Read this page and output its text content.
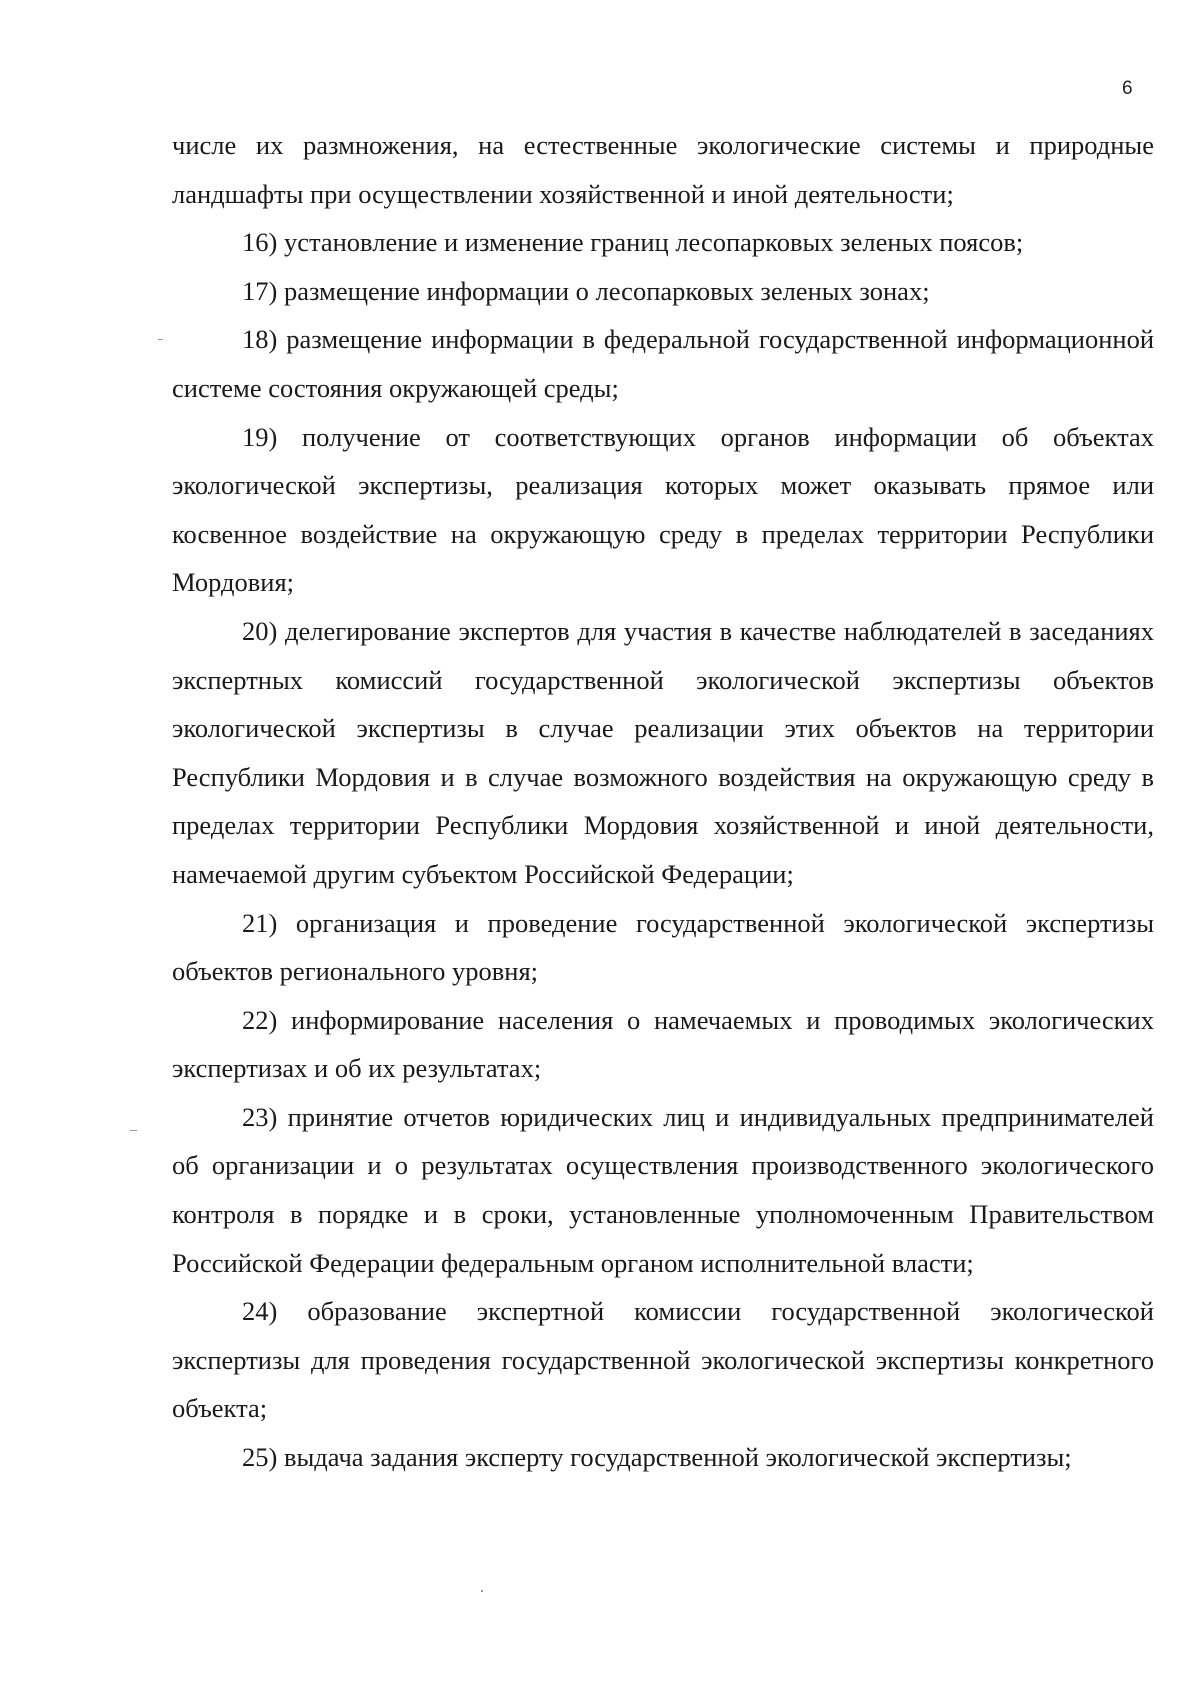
6

числе их размножения, на естественные экологические системы и природные ландшафты при осуществлении хозяйственной и иной деятельности;

16) установление и изменение границ лесопарковых зеленых поясов;

17) размещение информации о лесопарковых зеленых зонах;

18) размещение информации в федеральной государственной информационной системе состояния окружающей среды;

19) получение от соответствующих органов информации об объектах экологической экспертизы, реализация которых может оказывать прямое или косвенное воздействие на окружающую среду в пределах территории Республики Мордовия;

20) делегирование экспертов для участия в качестве наблюдателей в заседаниях экспертных комиссий государственной экологической экспертизы объектов экологической экспертизы в случае реализации этих объектов на территории Республики Мордовия и в случае возможного воздействия на окружающую среду в пределах территории Республики Мордовия хозяйственной и иной деятельности, намечаемой другим субъектом Российской Федерации;

21) организация и проведение государственной экологической экспертизы объектов регионального уровня;

22) информирование населения о намечаемых и проводимых экологических экспертизах и об их результатах;

23) принятие отчетов юридических лиц и индивидуальных предпринимателей об организации и о результатах осуществления производственного экологического контроля в порядке и в сроки, установленные уполномоченным Правительством Российской Федерации федеральным органом исполнительной власти;

24) образование экспертной комиссии государственной экологической экспертизы для проведения государственной экологической экспертизы конкретного объекта;

25) выдача задания эксперту государственной экологической экспертизы;
